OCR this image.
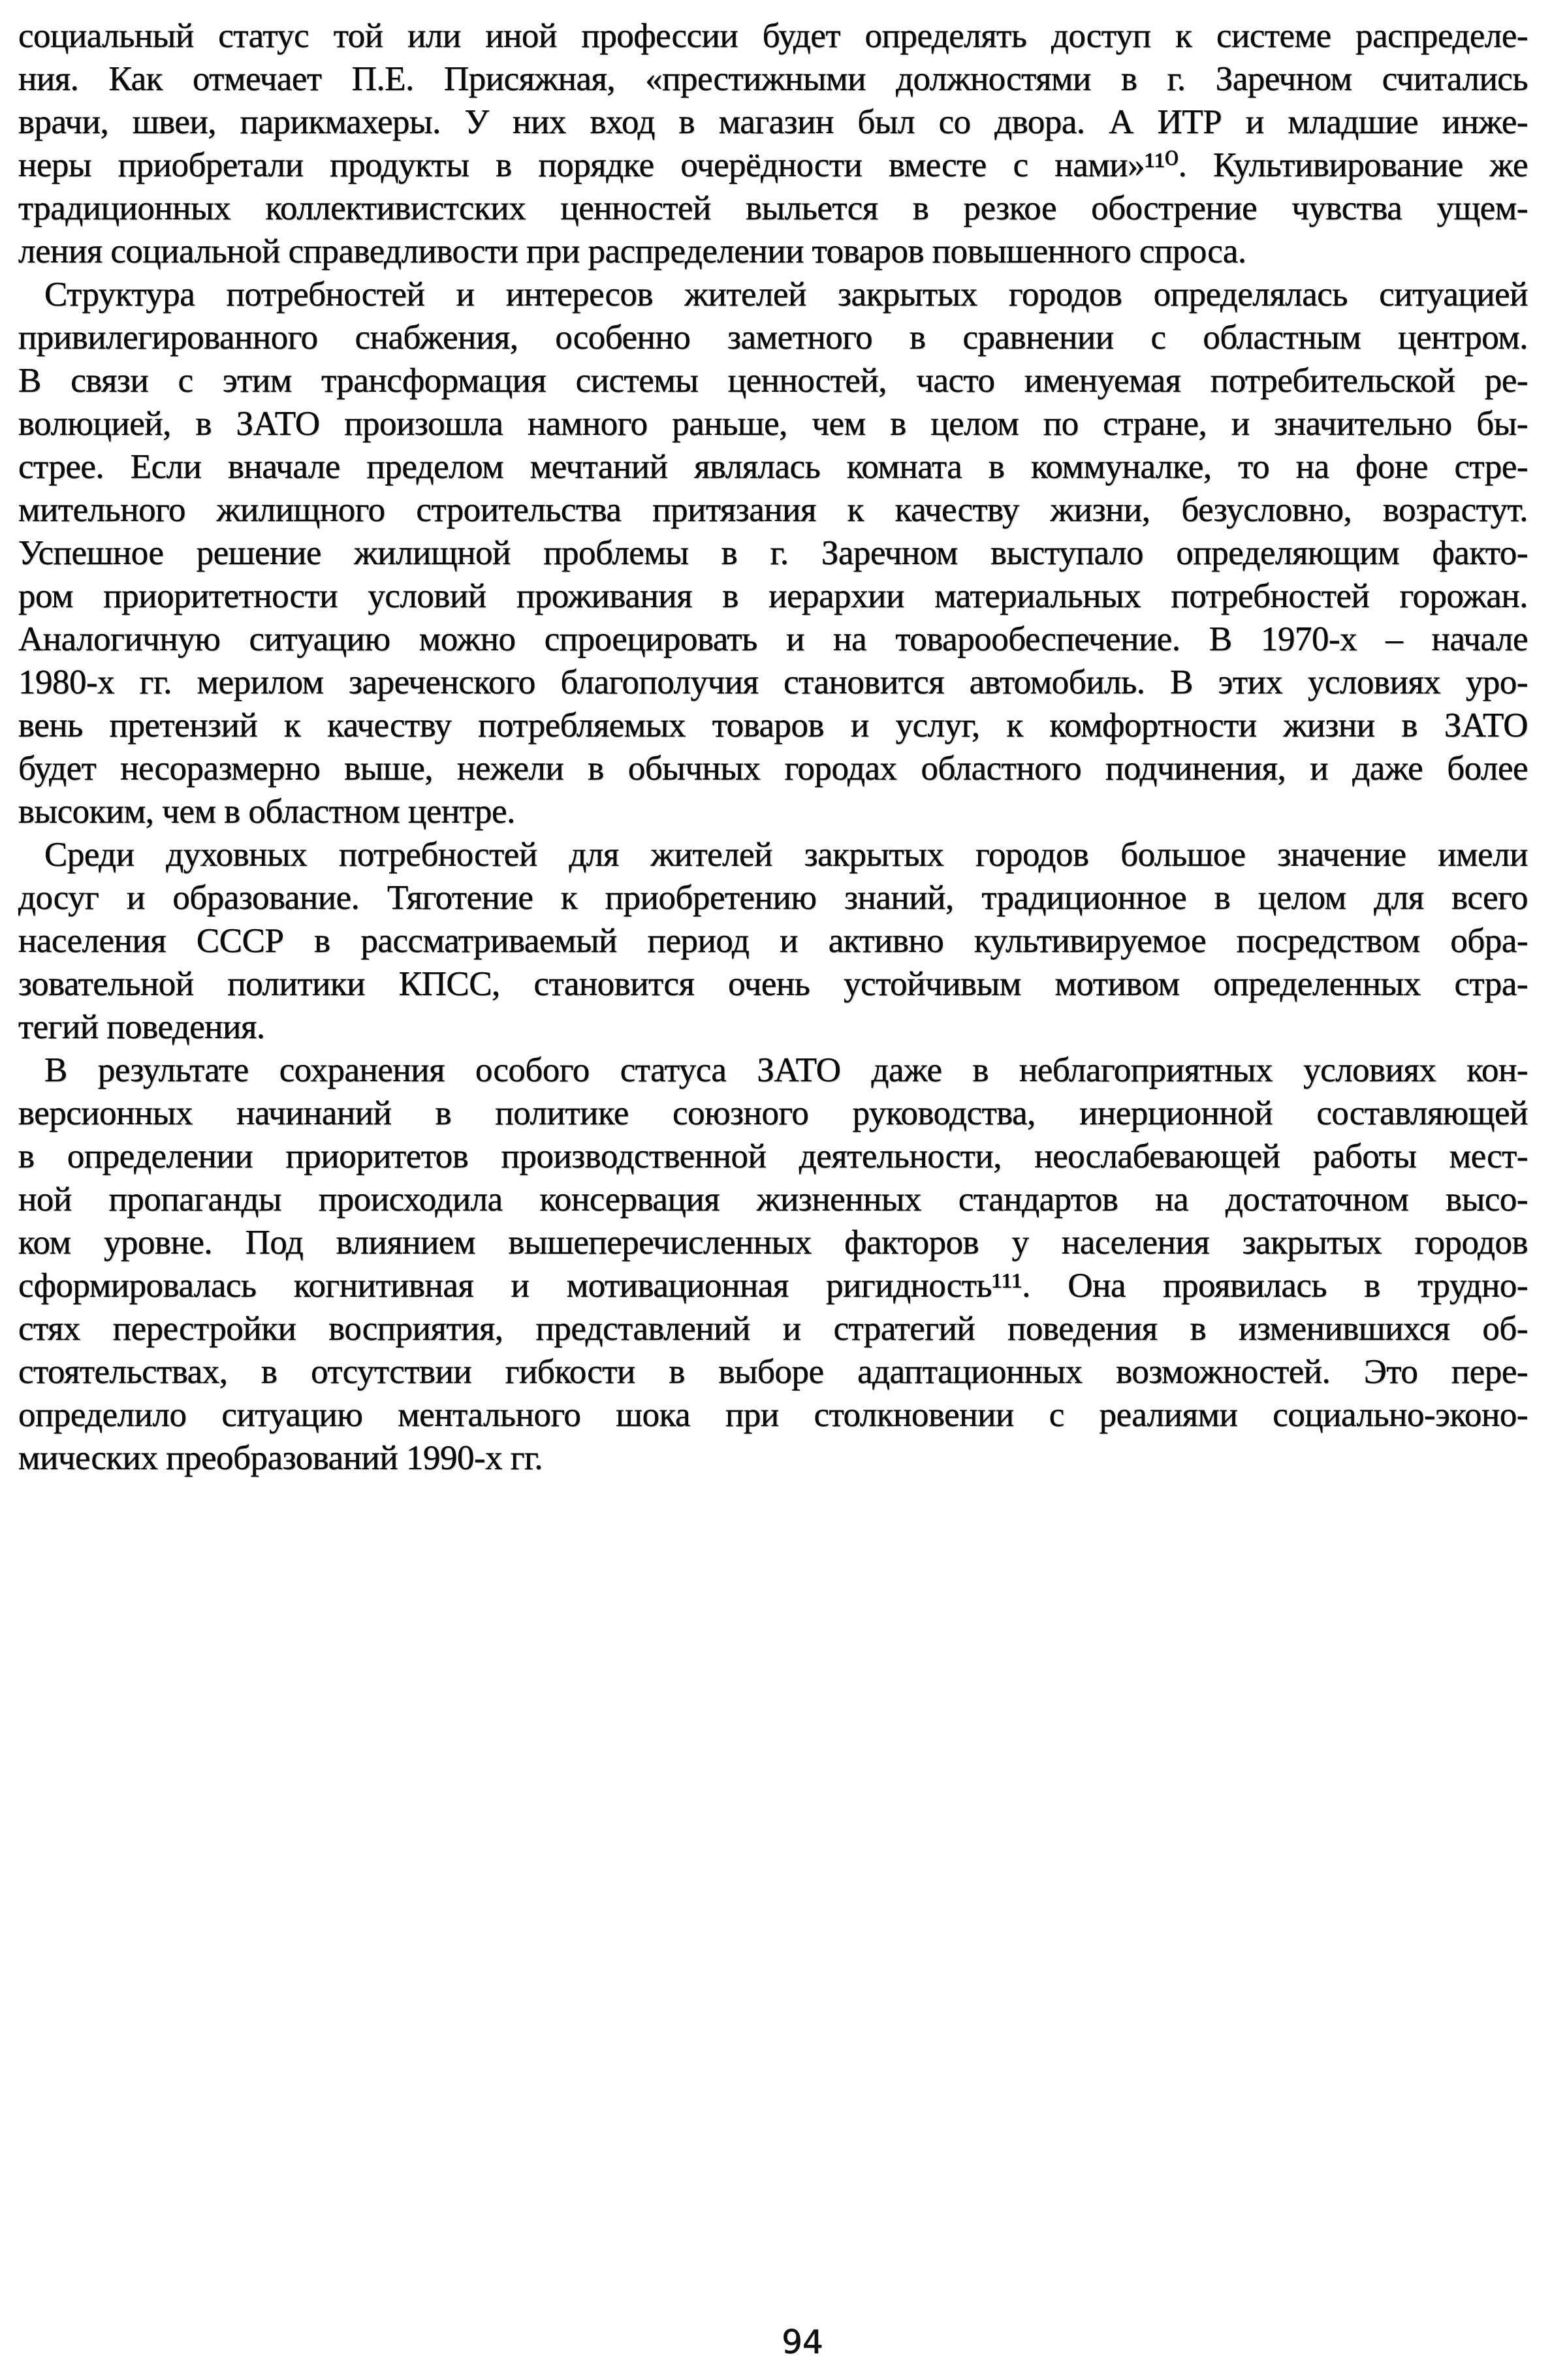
социальный статус той или иной профессии будет определять доступ к системе распределе-
ния. Как отмечает П.Е. Присяжная, «престижными должностями в г. Заречном считались
врачи, швеи, парикмахеры. У них вход в магазин был со двора. А ИТР и младшие инже-
неры приобретали продукты в порядке очерёдности вместе с нами»¹¹⁰. Культивирование же
традиционных коллективистских ценностей выльется в резкое обострение чувства ущем-
ления социальной справедливости при распределении товаров повышенного спроса.
Структура потребностей и интересов жителей закрытых городов определялась ситуацией
привилегированного снабжения, особенно заметного в сравнении с областным центром.
В связи с этим трансформация системы ценностей, часто именуемая потребительской ре-
волюцией, в ЗАТО произошла намного раньше, чем в целом по стране, и значительно бы-
стрее. Если вначале пределом мечтаний являлась комната в коммуналке, то на фоне стре-
мительного жилищного строительства притязания к качеству жизни, безусловно, возрастут.
Успешное решение жилищной проблемы в г. Заречном выступало определяющим факто-
ром приоритетности условий проживания в иерархии материальных потребностей горожан.
Аналогичную ситуацию можно спроецировать и на товарообеспечение. В 1970-х – начале
1980-х гг. мерилом зареченского благополучия становится автомобиль. В этих условиях уро-
вень претензий к качеству потребляемых товаров и услуг, к комфортности жизни в ЗАТО
будет несоразмерно выше, нежели в обычных городах областного подчинения, и даже более
высоким, чем в областном центре.
Среди духовных потребностей для жителей закрытых городов большое значение имели
досуг и образование. Тяготение к приобретению знаний, традиционное в целом для всего
населения СССР в рассматриваемый период и активно культивируемое посредством обра-
зовательной политики КПСС, становится очень устойчивым мотивом определенных стра-
тегий поведения.
В результате сохранения особого статуса ЗАТО даже в неблагоприятных условиях кон-
версионных начинаний в политике союзного руководства, инерционной составляющей
в определении приоритетов производственной деятельности, неослабевающей работы мест-
ной пропаганды происходила консервация жизненных стандартов на достаточном высо-
ком уровне. Под влиянием вышеперечисленных факторов у населения закрытых городов
сформировалась когнитивная и мотивационная ригидность¹¹¹. Она проявилась в трудно-
стях перестройки восприятия, представлений и стратегий поведения в изменившихся об-
стоятельствах, в отсутствии гибкости в выборе адаптационных возможностей. Это пере-
определило ситуацию ментального шока при столкновении с реалиями социально-эконо-
мических преобразований 1990-х гг.
94
